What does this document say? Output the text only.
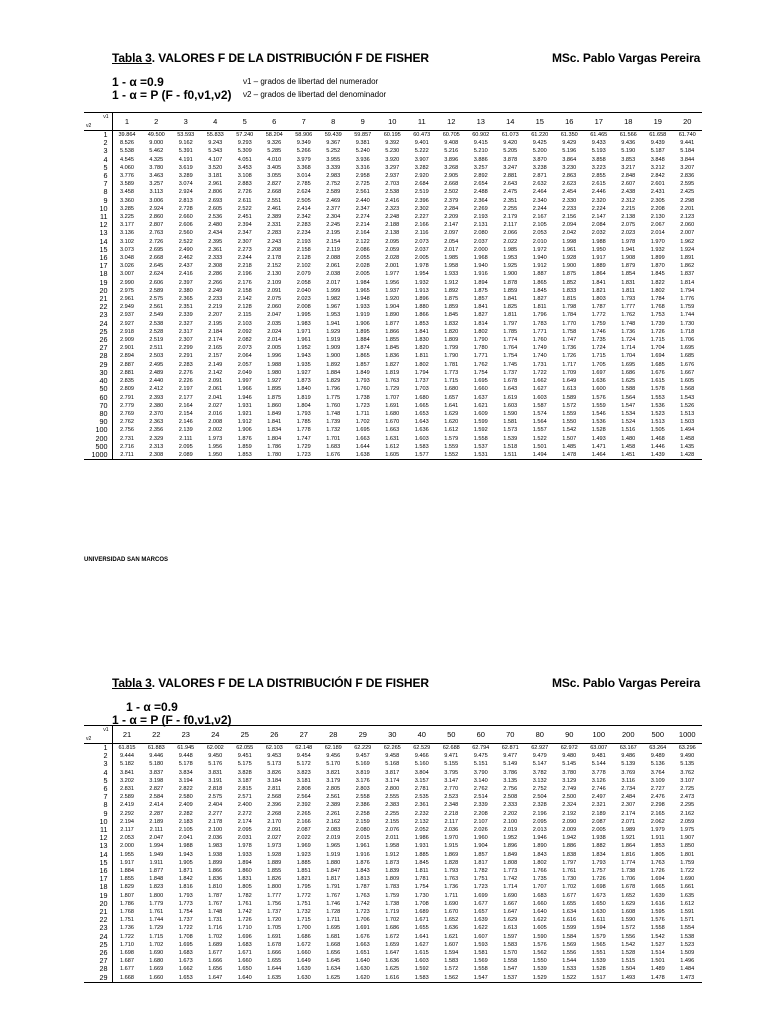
Tabla 3. VALORES F DE LA DISTRIBUCIÓN F DE FISHER	MSc. Pablo Vargas Pereira
1 - α =0.9
1 - α = P (F - f0,ν1,ν2)
ν1 – grados de libertad del numerador
ν2 – grados de libertad del denominador
ν1
ν2	1	2	3	4	5	6	7	8	9	10	11	12	13	14	15	16	17	18	19	20
1	39.864	49.500	53.593	55.833	57.240	58.204	58.906	59.439	59.857	60.195	60.473	60.705	60.902	61.073	61.220	61.350	61.465	61.566	61.658	61.740
2	8.526	9.000	9.162	9.243	9.293	9.326	9.349	9.367	9.381	9.392	9.401	9.408	9.415	9.420	9.425	9.429	9.433	9.436	9.439	9.441
3	5.538	5.462	5.391	5.343	5.309	5.285	5.266	5.252	5.240	5.230	5.222	5.216	5.210	5.205	5.200	5.196	5.193	5.190	5.187	5.184
4	4.545	4.325	4.191	4.107	4.051	4.010	3.979	3.955	3.936	3.920	3.907	3.896	3.886	3.878	3.870	3.864	3.858	3.853	3.848	3.844
5	4.060	3.780	3.619	3.520	3.453	3.405	3.368	3.339	3.316	3.297	3.282	3.268	3.257	3.247	3.238	3.230	3.223	3.217	3.212	3.207
6	3.776	3.463	3.289	3.181	3.108	3.055	3.014	2.983	2.958	2.937	2.920	2.905	2.892	2.881	2.871	2.863	2.855	2.848	2.842	2.836
7	3.589	3.257	3.074	2.961	2.883	2.827	2.785	2.752	2.725	2.703	2.684	2.668	2.654	2.643	2.632	2.623	2.615	2.607	2.601	2.595
8	3.458	3.113	2.924	2.806	2.726	2.668	2.624	2.589	2.561	2.538	2.519	2.502	2.488	2.475	2.464	2.454	2.446	2.438	2.431	2.425
9	3.360	3.006	2.813	2.693	2.611	2.551	2.505	2.469	2.440	2.416	2.396	2.379	2.364	2.351	2.340	2.330	2.320	2.312	2.305	2.298
10	3.285	2.924	2.728	2.605	2.522	2.461	2.414	2.377	2.347	2.323	2.302	2.284	2.269	2.255	2.244	2.233	2.224	2.215	2.208	2.201
11	3.225	2.860	2.660	2.536	2.451	2.389	2.342	2.304	2.274	2.248	2.227	2.209	2.193	2.179	2.167	2.156	2.147	2.138	2.130	2.123
12	3.177	2.807	2.606	2.480	2.394	2.331	2.283	2.245	2.214	2.188	2.166	2.147	2.131	2.117	2.105	2.094	2.084	2.075	2.067	2.060
13	3.136	2.763	2.560	2.434	2.347	2.283	2.234	2.195	2.164	2.138	2.116	2.097	2.080	2.066	2.053	2.042	2.032	2.023	2.014	2.007
14	3.102	2.726	2.522	2.395	2.307	2.243	2.193	2.154	2.122	2.095	2.073	2.054	2.037	2.022	2.010	1.998	1.988	1.978	1.970	1.962
15	3.073	2.695	2.490	2.361	2.273	2.208	2.158	2.119	2.086	2.059	2.037	2.017	2.000	1.985	1.972	1.961	1.950	1.941	1.932	1.924
16	3.048	2.668	2.462	2.333	2.244	2.178	2.128	2.088	2.055	2.028	2.005	1.985	1.968	1.953	1.940	1.928	1.917	1.908	1.899	1.891
17	3.026	2.645	2.437	2.308	2.218	2.152	2.102	2.061	2.028	2.001	1.978	1.958	1.940	1.925	1.912	1.900	1.889	1.879	1.870	1.862
18	3.007	2.624	2.416	2.286	2.196	2.130	2.079	2.038	2.005	1.977	1.954	1.933	1.916	1.900	1.887	1.875	1.864	1.854	1.845	1.837
19	2.990	2.606	2.397	2.266	2.176	2.109	2.058	2.017	1.984	1.956	1.932	1.912	1.894	1.878	1.865	1.852	1.841	1.831	1.822	1.814
20	2.975	2.589	2.380	2.249	2.158	2.091	2.040	1.999	1.965	1.937	1.913	1.892	1.875	1.859	1.845	1.833	1.821	1.811	1.802	1.794
21	2.961	2.575	2.365	2.233	2.142	2.075	2.023	1.982	1.948	1.920	1.896	1.875	1.857	1.841	1.827	1.815	1.803	1.793	1.784	1.776
22	2.949	2.561	2.351	2.219	2.128	2.060	2.008	1.967	1.933	1.904	1.880	1.859	1.841	1.825	1.811	1.798	1.787	1.777	1.768	1.759
23	2.937	2.549	2.339	2.207	2.115	2.047	1.995	1.953	1.919	1.890	1.866	1.845	1.827	1.811	1.796	1.784	1.772	1.762	1.753	1.744
24	2.927	2.538	2.327	2.195	2.103	2.035	1.983	1.941	1.906	1.877	1.853	1.832	1.814	1.797	1.783	1.770	1.759	1.748	1.739	1.730
25	2.918	2.528	2.317	2.184	2.092	2.024	1.971	1.929	1.895	1.866	1.841	1.820	1.802	1.785	1.771	1.758	1.746	1.736	1.726	1.718
26	2.909	2.519	2.307	2.174	2.082	2.014	1.961	1.919	1.884	1.855	1.830	1.809	1.790	1.774	1.760	1.747	1.735	1.724	1.715	1.706
27	2.901	2.511	2.299	2.165	2.073	2.005	1.952	1.909	1.874	1.845	1.820	1.799	1.780	1.764	1.749	1.736	1.724	1.714	1.704	1.695
28	2.894	2.503	2.291	2.157	2.064	1.996	1.943	1.900	1.865	1.836	1.811	1.790	1.771	1.754	1.740	1.726	1.715	1.704	1.694	1.685
29	2.887	2.495	2.283	2.149	2.057	1.988	1.935	1.892	1.857	1.827	1.802	1.781	1.762	1.745	1.731	1.717	1.705	1.695	1.685	1.676
30	2.881	2.489	2.276	2.142	2.049	1.980	1.927	1.884	1.849	1.819	1.794	1.773	1.754	1.737	1.722	1.709	1.697	1.686	1.676	1.667
40	2.835	2.440	2.226	2.091	1.997	1.927	1.873	1.829	1.793	1.763	1.737	1.715	1.695	1.678	1.662	1.649	1.636	1.625	1.615	1.605
50	2.809	2.412	2.197	2.061	1.966	1.895	1.840	1.796	1.760	1.729	1.703	1.680	1.660	1.643	1.627	1.613	1.600	1.588	1.578	1.568
60	2.791	2.393	2.177	2.041	1.946	1.875	1.819	1.775	1.738	1.707	1.680	1.657	1.637	1.619	1.603	1.589	1.576	1.564	1.553	1.543
70	2.779	2.380	2.164	2.027	1.931	1.860	1.804	1.760	1.723	1.691	1.665	1.641	1.621	1.603	1.587	1.572	1.559	1.547	1.536	1.526
80	2.769	2.370	2.154	2.016	1.921	1.849	1.793	1.748	1.711	1.680	1.653	1.629	1.609	1.590	1.574	1.559	1.546	1.534	1.523	1.513
90	2.762	2.363	2.146	2.008	1.912	1.841	1.785	1.739	1.702	1.670	1.643	1.620	1.599	1.581	1.564	1.550	1.536	1.524	1.513	1.503
100	2.756	2.356	2.139	2.002	1.906	1.834	1.778	1.732	1.695	1.663	1.636	1.612	1.592	1.573	1.557	1.542	1.528	1.516	1.505	1.494
200	2.731	2.329	2.111	1.973	1.876	1.804	1.747	1.701	1.663	1.631	1.603	1.579	1.558	1.539	1.522	1.507	1.493	1.480	1.468	1.458
500	2.716	2.313	2.095	1.956	1.859	1.786	1.729	1.683	1.644	1.612	1.583	1.559	1.537	1.518	1.501	1.485	1.471	1.458	1.446	1.435
1000	2.711	2.308	2.089	1.950	1.853	1.780	1.723	1.676	1.638	1.605	1.577	1.552	1.531	1.511	1.494	1.478	1.464	1.451	1.439	1.428
UNIVERSIDAD SAN MARCOS
Tabla 3. VALORES F DE LA DISTRIBUCIÓN F DE FISHER	MSc. Pablo Vargas Pereira
1 - α =0.9
1 - α = P (F - f0,ν1,ν2)
ν1
ν2	21	22	23	24	25	26	27	28	29	30	40	50	60	70	80	90	100	200	500	1000
1	61.815	61.883	61.945	62.002	62.055	62.103	62.148	62.189	62.229	62.265	62.529	62.688	62.794	62.871	62.927	62.972	63.007	63.167	63.264	63.296
2	9.444	9.446	9.448	9.450	9.451	9.453	9.454	9.456	9.457	9.458	9.466	9.471	9.475	9.477	9.479	9.480	9.481	9.486	9.489	9.490
3	5.182	5.180	5.178	5.176	5.175	5.173	5.172	5.170	5.169	5.168	5.160	5.155	5.151	5.149	5.147	5.145	5.144	5.139	5.136	5.135
4	3.841	3.837	3.834	3.831	3.828	3.826	3.823	3.821	3.819	3.817	3.804	3.795	3.790	3.786	3.782	3.780	3.778	3.769	3.764	3.762
5	3.202	3.198	3.194	3.191	3.187	3.184	3.181	3.179	3.176	3.174	3.157	3.147	3.140	3.135	3.132	3.129	3.126	3.116	3.109	3.107
6	2.831	2.827	2.822	2.818	2.815	2.811	2.808	2.805	2.803	2.800	2.781	2.770	2.762	2.756	2.752	2.749	2.746	2.734	2.727	2.725
7	2.589	2.584	2.580	2.575	2.571	2.568	2.564	2.561	2.558	2.555	2.535	2.523	2.514	2.508	2.504	2.500	2.497	2.484	2.476	2.473
8	2.419	2.414	2.409	2.404	2.400	2.396	2.392	2.389	2.386	2.383	2.361	2.348	2.339	2.333	2.328	2.324	2.321	2.307	2.298	2.295
9	2.292	2.287	2.282	2.277	2.272	2.268	2.265	2.261	2.258	2.255	2.232	2.218	2.208	2.202	2.196	2.192	2.189	2.174	2.165	2.162
10	2.194	2.189	2.183	2.178	2.174	2.170	2.166	2.162	2.159	2.155	2.132	2.117	2.107	2.100	2.095	2.090	2.087	2.071	2.062	2.059
11	2.117	2.111	2.105	2.100	2.095	2.091	2.087	2.083	2.080	2.076	2.052	2.036	2.026	2.019	2.013	2.009	2.005	1.989	1.979	1.975
12	2.053	2.047	2.041	2.036	2.031	2.027	2.022	2.019	2.015	2.011	1.986	1.970	1.960	1.952	1.946	1.942	1.938	1.921	1.911	1.907
13	2.000	1.994	1.988	1.983	1.978	1.973	1.969	1.965	1.961	1.958	1.931	1.915	1.904	1.896	1.890	1.886	1.882	1.864	1.853	1.850
14	1.955	1.949	1.943	1.938	1.933	1.928	1.923	1.919	1.916	1.912	1.885	1.869	1.857	1.849	1.843	1.838	1.834	1.816	1.805	1.801
15	1.917	1.911	1.905	1.899	1.894	1.889	1.885	1.880	1.876	1.873	1.845	1.828	1.817	1.808	1.802	1.797	1.793	1.774	1.763	1.759
16	1.884	1.877	1.871	1.866	1.860	1.855	1.851	1.847	1.843	1.839	1.811	1.793	1.782	1.773	1.766	1.761	1.757	1.738	1.726	1.722
17	1.855	1.848	1.842	1.836	1.831	1.826	1.821	1.817	1.813	1.809	1.781	1.763	1.751	1.742	1.735	1.730	1.726	1.706	1.694	1.690
18	1.829	1.823	1.816	1.810	1.805	1.800	1.795	1.791	1.787	1.783	1.754	1.736	1.723	1.714	1.707	1.702	1.698	1.678	1.665	1.661
19	1.807	1.800	1.793	1.787	1.782	1.777	1.772	1.767	1.763	1.759	1.730	1.711	1.699	1.690	1.683	1.677	1.673	1.652	1.639	1.635
20	1.786	1.779	1.773	1.767	1.761	1.756	1.751	1.746	1.742	1.738	1.708	1.690	1.677	1.667	1.660	1.655	1.650	1.629	1.616	1.612
21	1.768	1.761	1.754	1.748	1.742	1.737	1.732	1.728	1.723	1.719	1.689	1.670	1.657	1.647	1.640	1.634	1.630	1.608	1.595	1.591
22	1.751	1.744	1.737	1.731	1.726	1.720	1.715	1.711	1.706	1.702	1.671	1.652	1.639	1.629	1.622	1.616	1.611	1.590	1.576	1.571
23	1.736	1.729	1.722	1.716	1.710	1.705	1.700	1.695	1.691	1.686	1.655	1.636	1.622	1.613	1.605	1.599	1.594	1.572	1.558	1.554
24	1.722	1.715	1.708	1.702	1.696	1.691	1.686	1.681	1.676	1.672	1.641	1.621	1.607	1.597	1.590	1.584	1.579	1.556	1.542	1.538
25	1.710	1.702	1.695	1.689	1.683	1.678	1.672	1.668	1.663	1.659	1.627	1.607	1.593	1.583	1.576	1.569	1.565	1.542	1.527	1.523
26	1.698	1.690	1.683	1.677	1.671	1.666	1.660	1.656	1.651	1.647	1.615	1.594	1.581	1.570	1.562	1.556	1.551	1.528	1.514	1.509
27	1.687	1.680	1.673	1.666	1.660	1.655	1.649	1.645	1.640	1.636	1.603	1.583	1.569	1.558	1.550	1.544	1.539	1.515	1.501	1.496
28	1.677	1.669	1.662	1.656	1.650	1.644	1.639	1.634	1.630	1.625	1.592	1.572	1.558	1.547	1.539	1.533	1.528	1.504	1.489	1.484
29	1.668	1.660	1.653	1.647	1.640	1.635	1.630	1.625	1.620	1.616	1.583	1.562	1.547	1.537	1.529	1.522	1.517	1.493	1.478	1.473
